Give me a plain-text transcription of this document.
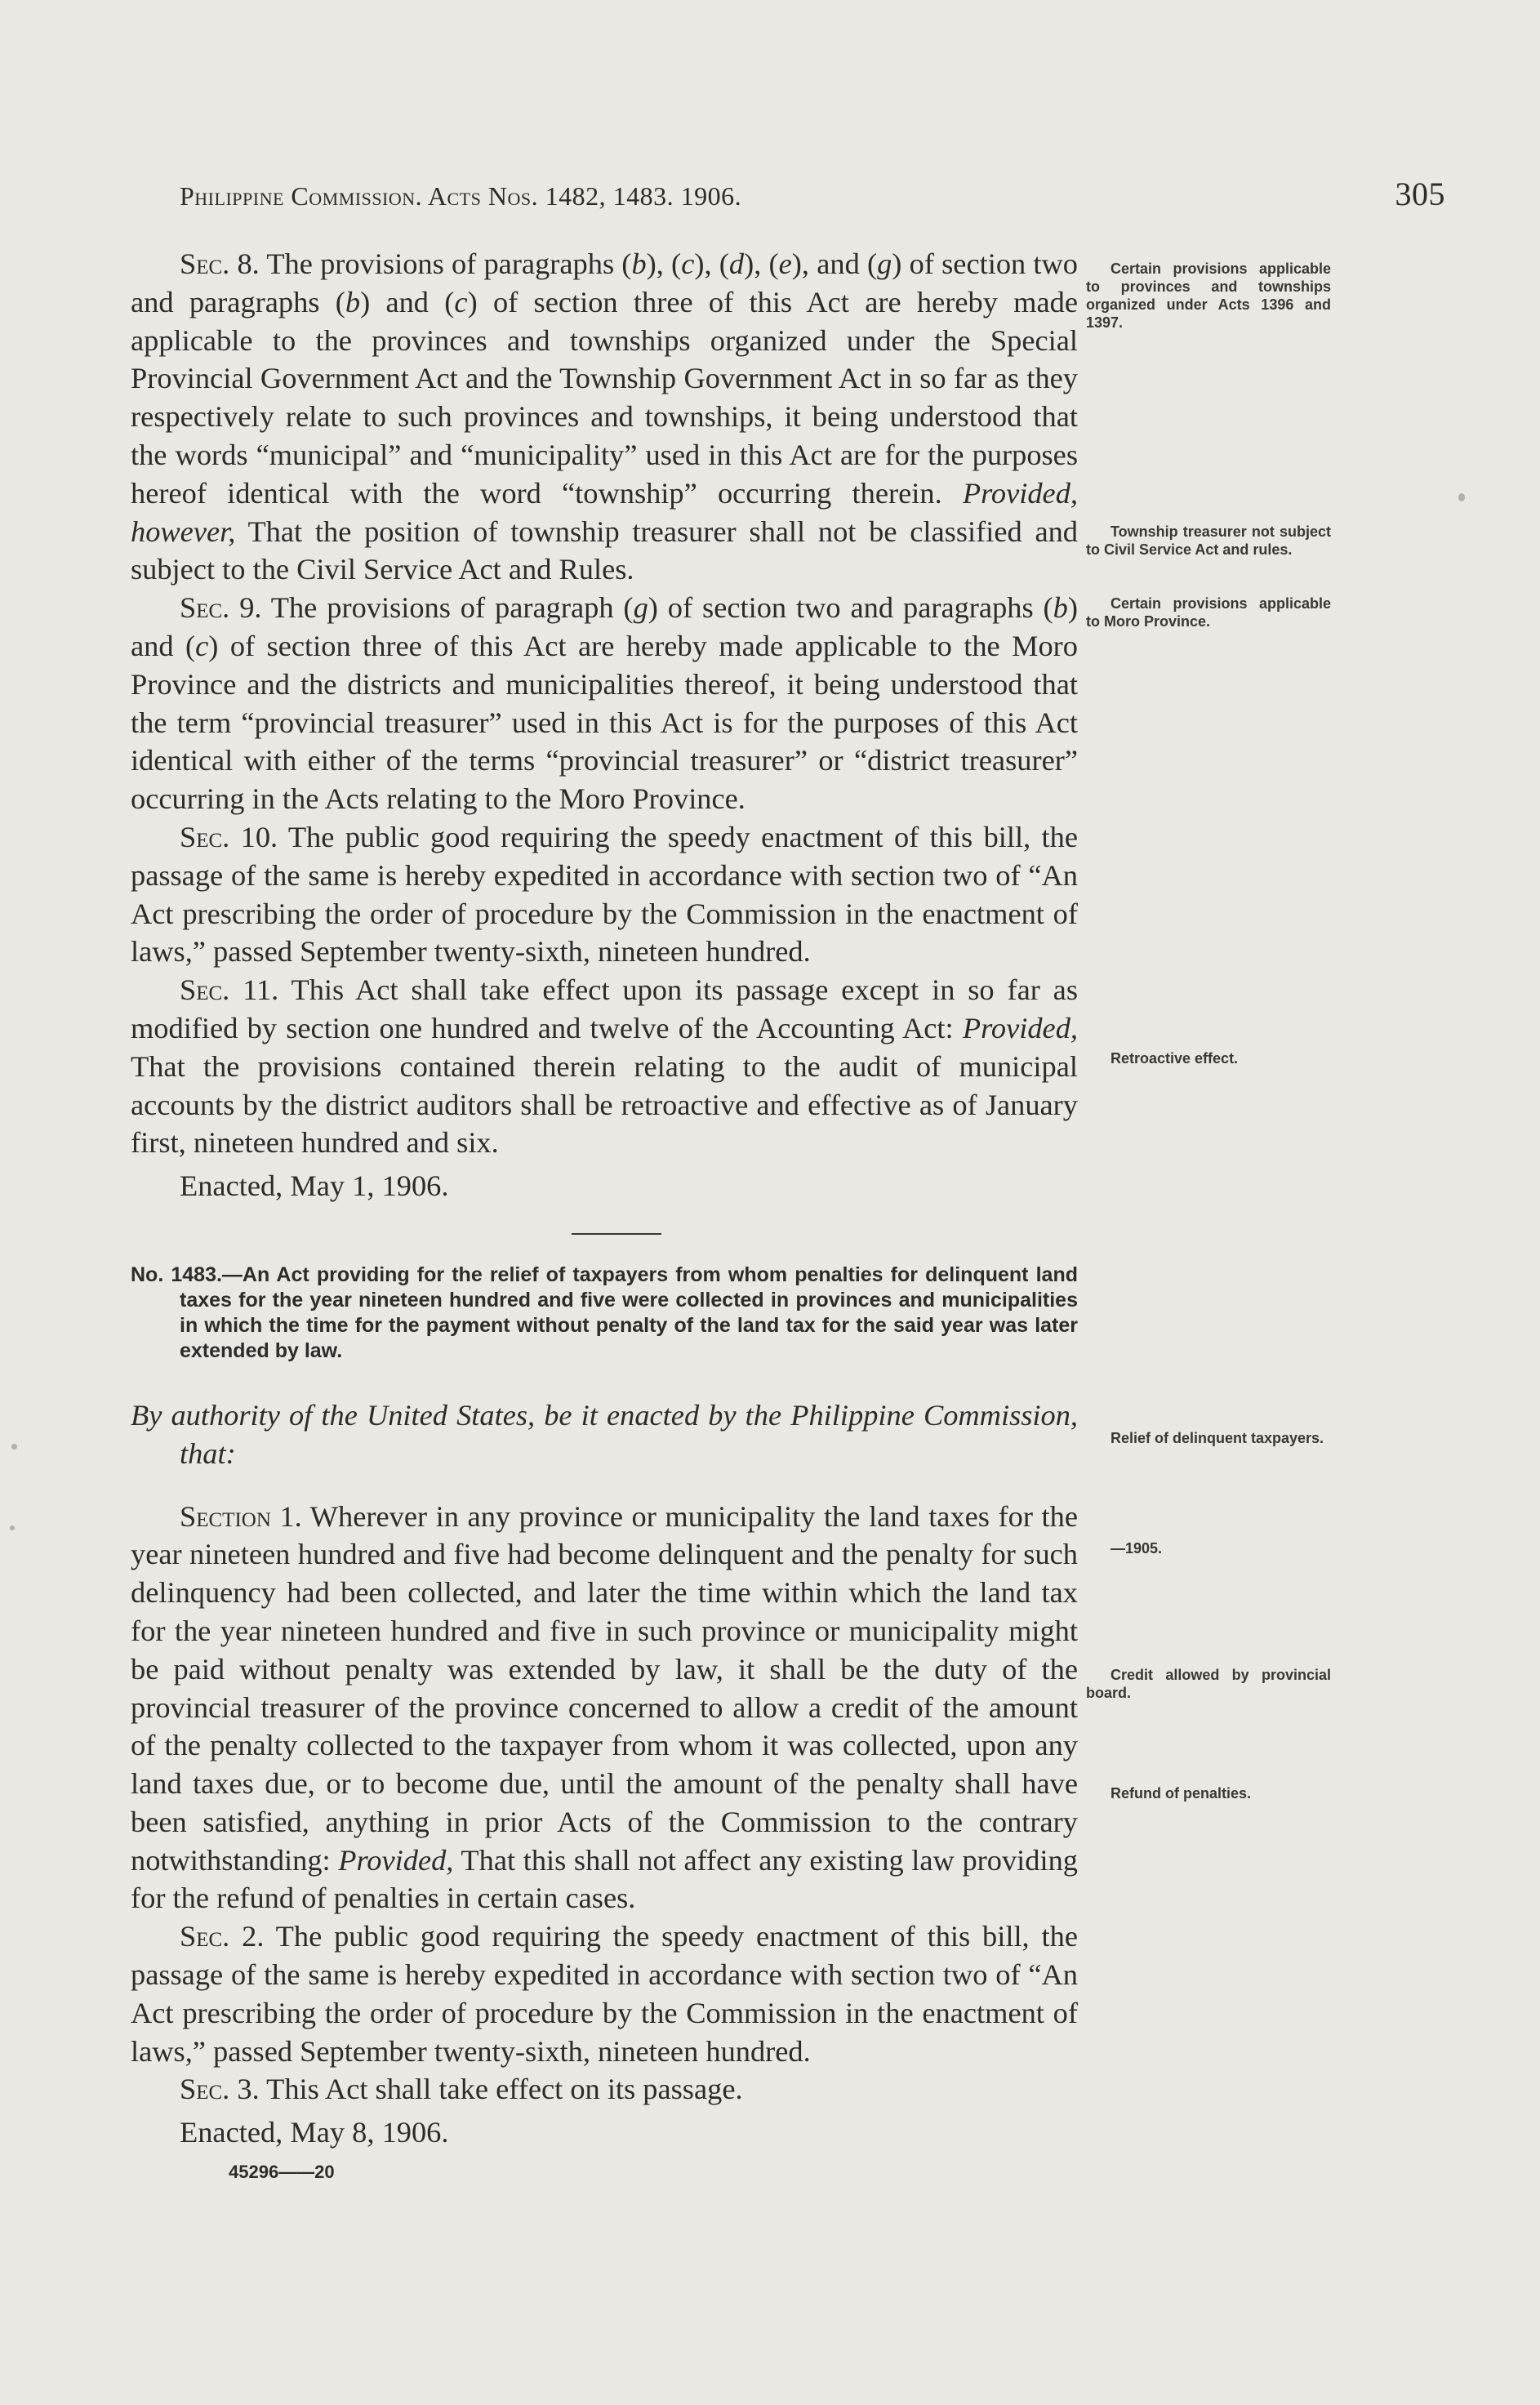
Philippine Commission. Acts Nos. 1482, 1483. 1906.	305

Sec. 8. The provisions of paragraphs (b), (c), (d), (e), and (g) of section two and paragraphs (b) and (c) of section three of this Act are hereby made applicable to the provinces and townships organized under the Special Provincial Government Act and the Township Government Act in so far as they respectively relate to such provinces and townships, it being understood that the words “municipal” and “municipality” used in this Act are for the purposes hereof identical with the word “township” occurring therein. Provided, however, That the position of township treasurer shall not be classified and subject to the Civil Service Act and Rules.

Sec. 9. The provisions of paragraph (g) of section two and paragraphs (b) and (c) of section three of this Act are hereby made applicable to the Moro Province and the districts and municipalities thereof, it being understood that the term “provincial treasurer” used in this Act is for the purposes of this Act identical with either of the terms “provincial treasurer” or “district treasurer” occurring in the Acts relating to the Moro Province.

Sec. 10. The public good requiring the speedy enactment of this bill, the passage of the same is hereby expedited in accordance with section two of “An Act prescribing the order of procedure by the Commission in the enactment of laws,” passed September twenty-sixth, nineteen hundred.

Sec. 11. This Act shall take effect upon its passage except in so far as modified by section one hundred and twelve of the Accounting Act: Provided, That the provisions contained therein relating to the audit of municipal accounts by the district auditors shall be retroactive and effective as of January first, nineteen hundred and six.

Enacted, May 1, 1906.

No. 1483.—An Act providing for the relief of taxpayers from whom penalties for delinquent land taxes for the year nineteen hundred and five were collected in provinces and municipalities in which the time for the payment without penalty of the land tax for the said year was later extended by law.

By authority of the United States, be it enacted by the Philippine Commission, that:

Section 1. Wherever in any province or municipality the land taxes for the year nineteen hundred and five had become delinquent and the penalty for such delinquency had been collected, and later the time within which the land tax for the year nineteen hundred and five in such province or municipality might be paid without penalty was extended by law, it shall be the duty of the provincial treasurer of the province concerned to allow a credit of the amount of the penalty collected to the taxpayer from whom it was collected, upon any land taxes due, or to become due, until the amount of the penalty shall have been satisfied, anything in prior Acts of the Commission to the contrary notwithstanding: Provided, That this shall not affect any existing law providing for the refund of penalties in certain cases.

Sec. 2. The public good requiring the speedy enactment of this bill, the passage of the same is hereby expedited in accordance with section two of “An Act prescribing the order of procedure by the Commission in the enactment of laws,” passed September twenty-sixth, nineteen hundred.

Sec. 3. This Act shall take effect on its passage.

Enacted, May 8, 1906.

45296——20
Certain provisions applicable to provinces and townships organized under Acts 1396 and 1397.
Township treasurer not subject to Civil Service Act and rules.
Certain provisions applicable to Moro Province.
Retroactive effect.
Relief of delinquent taxpayers.
—1905.
Credit allowed by provincial board.
Refund of penalties.
